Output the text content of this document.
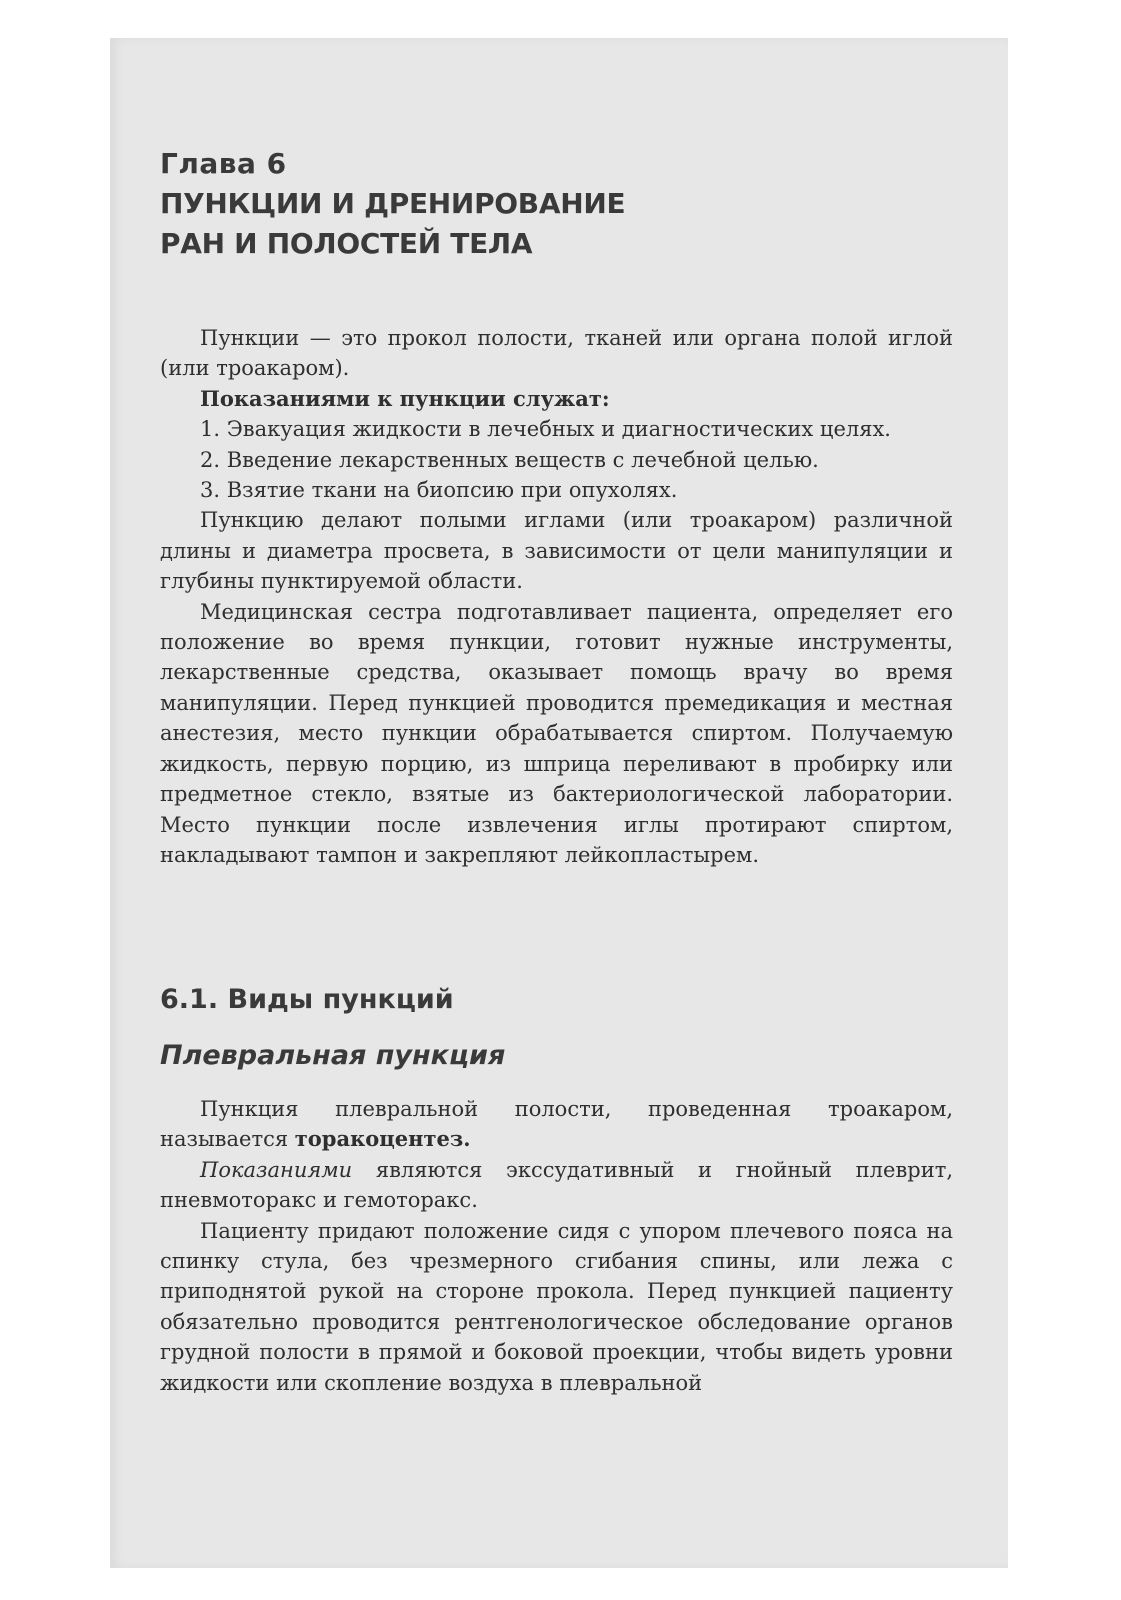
Глава 6
ПУНКЦИИ И ДРЕНИРОВАНИЕ
РАН И ПОЛОСТЕЙ ТЕЛА

Пункции — это прокол полости, тканей или органа полой иглой (или троакаром).

Показаниями к пункции служат:

1. Эвакуация жидкости в лечебных и диагностических целях.
2. Введение лекарственных веществ с лечебной целью.
3. Взятие ткани на биопсию при опухолях.

Пункцию делают полыми иглами (или троакаром) различной длины и диаметра просвета, в зависимости от цели манипуляции и глубины пунктируемой области.

Медицинская сестра подготавливает пациента, определяет его положение во время пункции, готовит нужные инструменты, лекарственные средства, оказывает помощь врачу во время манипуляции. Перед пункцией проводится премедикация и местная анестезия, место пункции обрабатывается спиртом. Получаемую жидкость, первую порцию, из шприца переливают в пробирку или предметное стекло, взятые из бактериологической лаборатории. Место пункции после извлечения иглы протирают спиртом, накладывают тампон и закрепляют лейкопластырем.

6.1. Виды пункций
Плевральная пункция

Пункция плевральной полости, проведенная троакаром, называется торакоцентез.

Показаниями являются экссудативный и гнойный плеврит, пневмоторакс и гемоторакс.

Пациенту придают положение сидя с упором плечевого пояса на спинку стула, без чрезмерного сгибания спины, или лежа с приподнятой рукой на стороне прокола. Перед пункцией пациенту обязательно проводится рентгенологическое обследование органов грудной полости в прямой и боковой проекции, чтобы видеть уровни жидкости или скопление воздуха в плевральной
